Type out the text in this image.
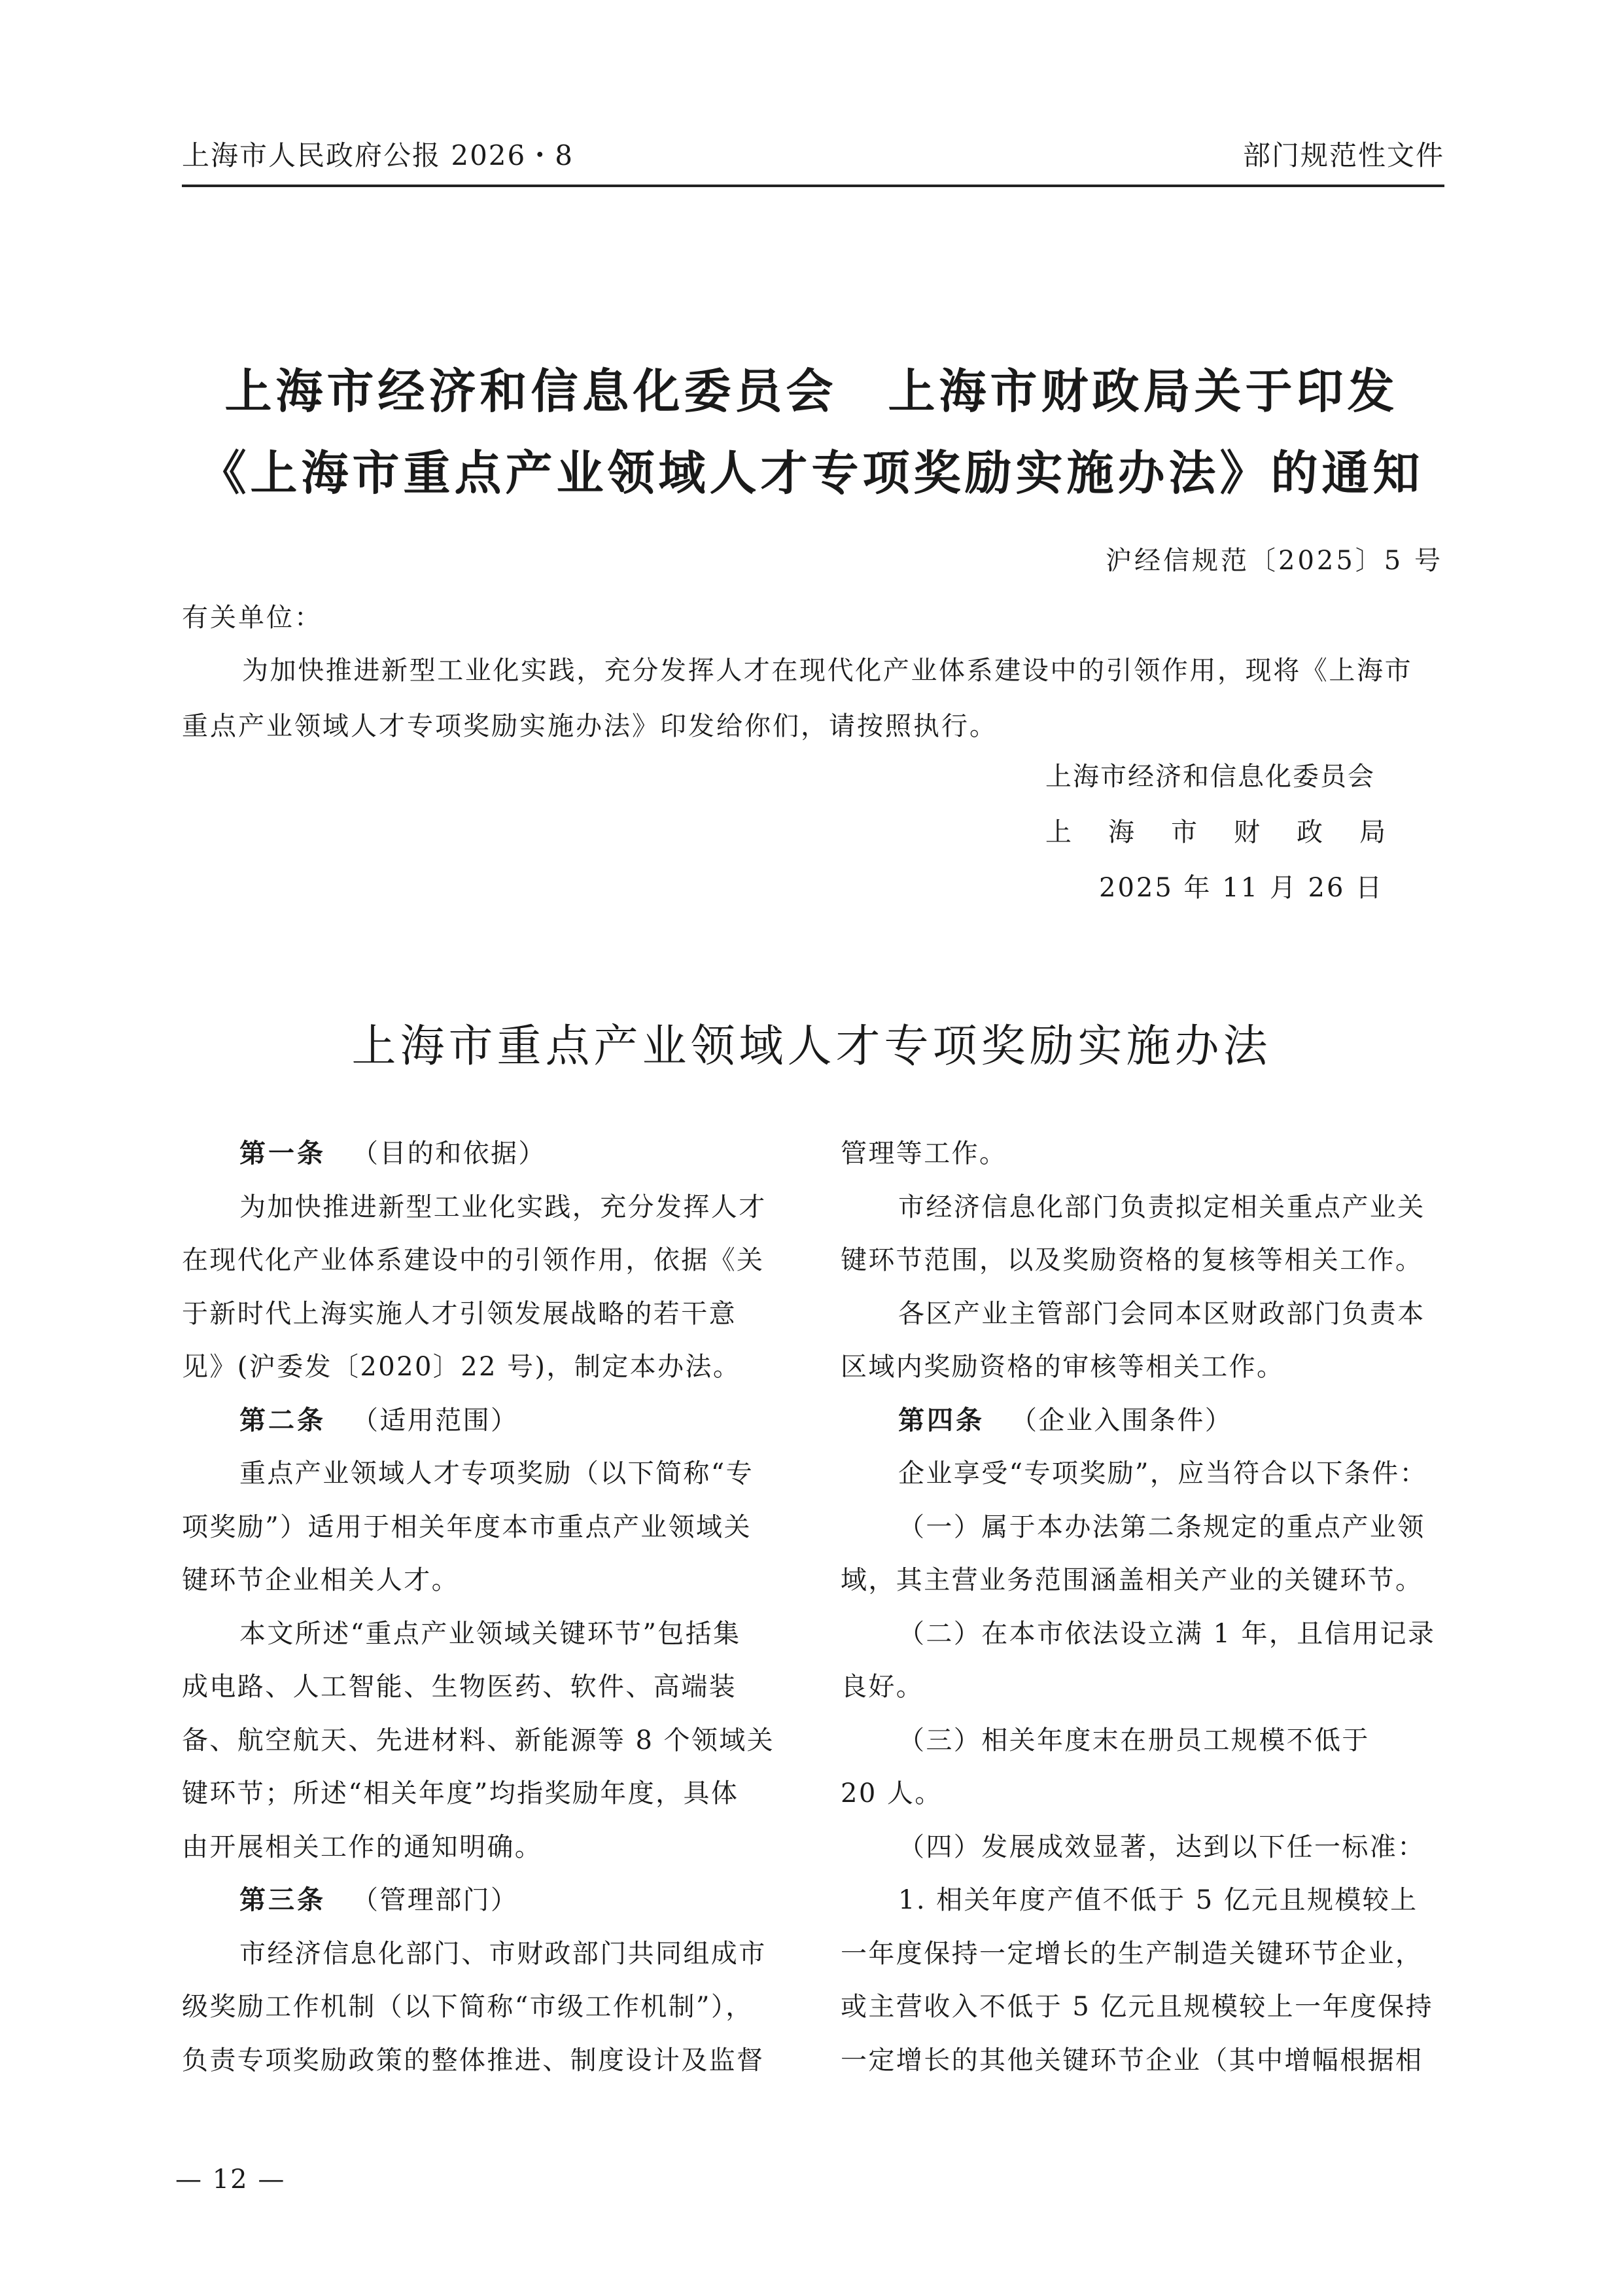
上海市人民政府公报 2026・8	部门规范性文件
上海市经济和信息化委员会　上海市财政局关于印发
《上海市重点产业领域人才专项奖励实施办法》的通知
沪经信规范〔2025〕5 号
有关单位：
为加快推进新型工业化实践，充分发挥人才在现代化产业体系建设中的引领作用，现将《上海市
重点产业领域人才专项奖励实施办法》印发给你们，请按照执行。
上海市经济和信息化委员会
上 海 市 财 政 局
2025 年 11 月 26 日
上海市重点产业领域人才专项奖励实施办法
第一条 （目的和依据）
为加快推进新型工业化实践，充分发挥人才
在现代化产业体系建设中的引领作用，依据《关
于新时代上海实施人才引领发展战略的若干意
见》(沪委发〔2020〕22 号)，制定本办法。
第二条 （适用范围）
重点产业领域人才专项奖励（以下简称“专
项奖励”）适用于相关年度本市重点产业领域关
键环节企业相关人才。
本文所述“重点产业领域关键环节”包括集
成电路、人工智能、生物医药、软件、高端装
备、航空航天、先进材料、新能源等 8 个领域关
键环节；所述“相关年度”均指奖励年度，具体
由开展相关工作的通知明确。
第三条 （管理部门）
市经济信息化部门、市财政部门共同组成市
级奖励工作机制（以下简称“市级工作机制”），
负责专项奖励政策的整体推进、制度设计及监督
管理等工作。
市经济信息化部门负责拟定相关重点产业关
键环节范围，以及奖励资格的复核等相关工作。
各区产业主管部门会同本区财政部门负责本
区域内奖励资格的审核等相关工作。
第四条 （企业入围条件）
企业享受“专项奖励”，应当符合以下条件：
（一）属于本办法第二条规定的重点产业领
域，其主营业务范围涵盖相关产业的关键环节。
（二）在本市依法设立满 1 年，且信用记录
良好。
（三）相关年度末在册员工规模不低于
20 人。
（四）发展成效显著，达到以下任一标准：
1. 相关年度产值不低于 5 亿元且规模较上
一年度保持一定增长的生产制造关键环节企业，
或主营收入不低于 5 亿元且规模较上一年度保持
一定增长的其他关键环节企业（其中增幅根据相
— 12 —
